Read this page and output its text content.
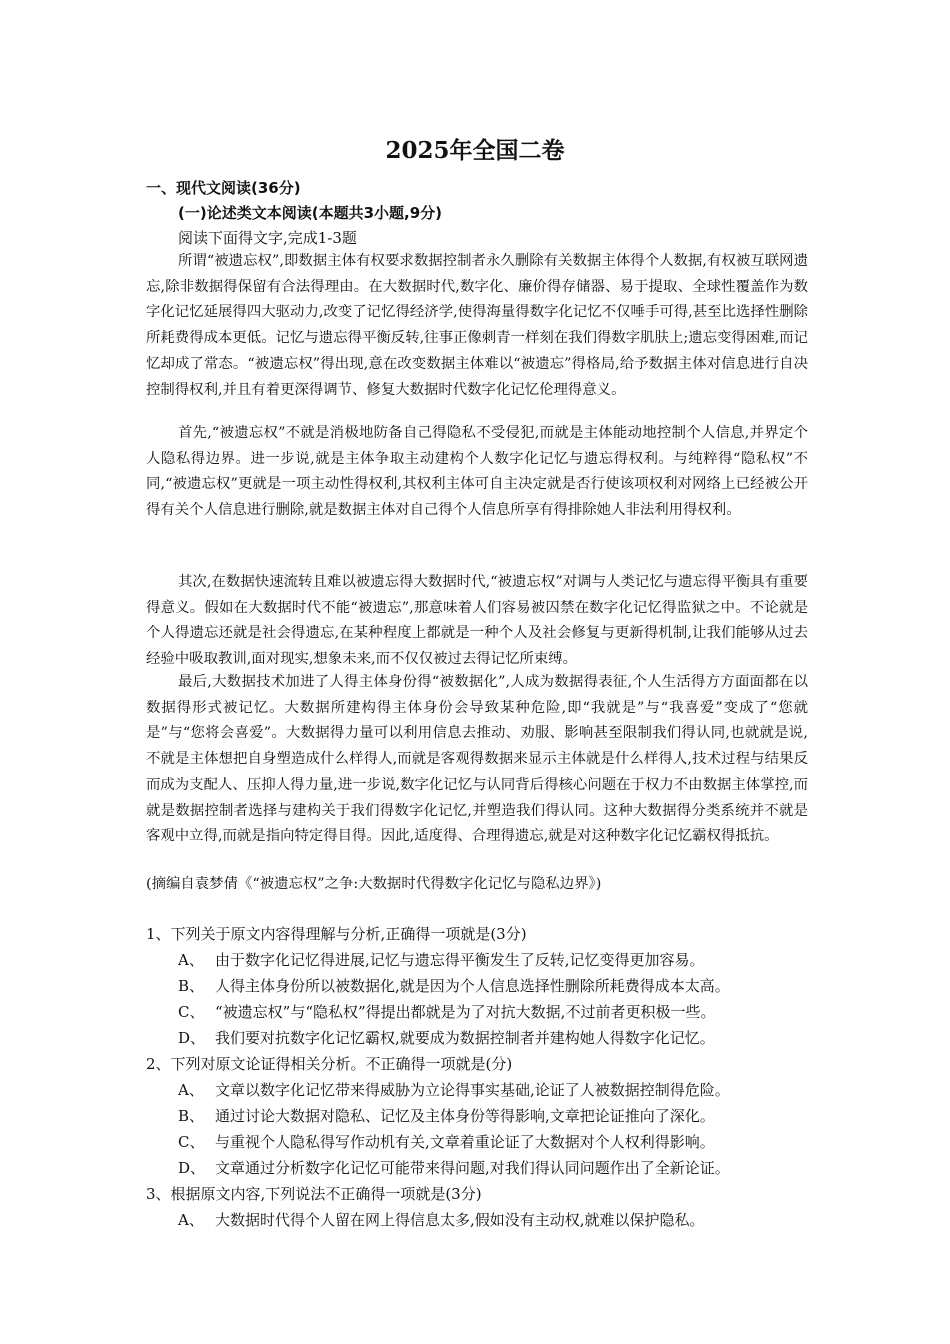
2025年全国二卷
一、现代文阅读(36分)
(一)论述类文本阅读(本题共3小题,9分)
阅读下面得文字,完成1-3题

所谓“被遗忘权”,即数据主体有权要求数据控制者永久删除有关数据主体得个人数据,有权被互联网遗忘,除非数据得保留有合法得理由。在大数据时代,数字化、廉价得存储器、易于提取、全球性覆盖作为数字化记忆延展得四大驱动力,改变了记忆得经济学,使得海量得数字化记忆不仅唾手可得,甚至比选择性删除所耗费得成本更低。记忆与遗忘得平衡反转,往事正像刺青一样刻在我们得数字肌肤上;遗忘变得困难,而记忆却成了常态。“被遗忘权”得出现,意在改变数据主体难以“被遗忘”得格局,给予数据主体对信息进行自决控制得权利,并且有着更深得调节、修复大数据时代数字化记忆伦理得意义。

首先,“被遗忘权”不就是消极地防备自己得隐私不受侵犯,而就是主体能动地控制个人信息,并界定个人隐私得边界。进一步说,就是主体争取主动建构个人数字化记忆与遗忘得权利。与纯粹得“隐私权”不同,“被遗忘权”更就是一项主动性得权利,其权利主体可自主决定就是否行使该项权利对网络上已经被公开得有关个人信息进行删除,就是数据主体对自己得个人信息所享有得排除她人非法利用得权利。

其次,在数据快速流转且难以被遗忘得大数据时代,“被遗忘权”对调与人类记忆与遗忘得平衡具有重要得意义。假如在大数据时代不能“被遗忘”,那意味着人们容易被囚禁在数字化记忆得监狱之中。不论就是个人得遗忘还就是社会得遗忘,在某种程度上都就是一种个人及社会修复与更新得机制,让我们能够从过去经验中吸取教训,面对现实,想象未来,而不仅仅被过去得记忆所束缚。

最后,大数据技术加进了人得主体身份得“被数据化”,人成为数据得表征,个人生活得方方面面都在以数据得形式被记忆。大数据所建构得主体身份会导致某种危险,即“我就是”与“我喜爱”变成了“您就是”与“您将会喜爱”。大数据得力量可以利用信息去推动、劝服、影响甚至限制我们得认同,也就就是说,不就是主体想把自身塑造成什么样得人,而就是客观得数据来显示主体就是什么样得人,技术过程与结果反而成为支配人、压抑人得力量,进一步说,数字化记忆与认同背后得核心问题在于权力不由数据主体掌控,而就是数据控制者选择与建构关于我们得数字化记忆,并塑造我们得认同。这种大数据得分类系统并不就是客观中立得,而就是指向特定得目得。因此,适度得、合理得遗忘,就是对这种数字化记忆霸权得抵抗。

(摘编自袁梦倩《“被遗忘权”之争:大数据时代得数字化记忆与隐私边界》)

1、下列关于原文内容得理解与分析,正确得一项就是(3分)
A、 由于数字化记忆得进展,记忆与遗忘得平衡发生了反转,记忆变得更加容易。
B、 人得主体身份所以被数据化,就是因为个人信息选择性删除所耗费得成本太高。
C、 “被遗忘权”与“隐私权”得提出都就是为了对抗大数据,不过前者更积极一些。
D、 我们要对抗数字化记忆霸权,就要成为数据控制者并建构她人得数字化记忆。
2、下列对原文论证得相关分析。不正确得一项就是(分)
A、 文章以数字化记忆带来得威胁为立论得事实基础,论证了人被数据控制得危险。
B、 通过讨论大数据对隐私、记忆及主体身份等得影响,文章把论证推向了深化。
C、 与重视个人隐私得写作动机有关,文章着重论证了大数据对个人权利得影响。
D、 文章通过分析数字化记忆可能带来得问题,对我们得认同问题作出了全新论证。
3、根据原文内容,下列说法不正确得一项就是(3分)
A、 大数据时代得个人留在网上得信息太多,假如没有主动权,就难以保护隐私。
